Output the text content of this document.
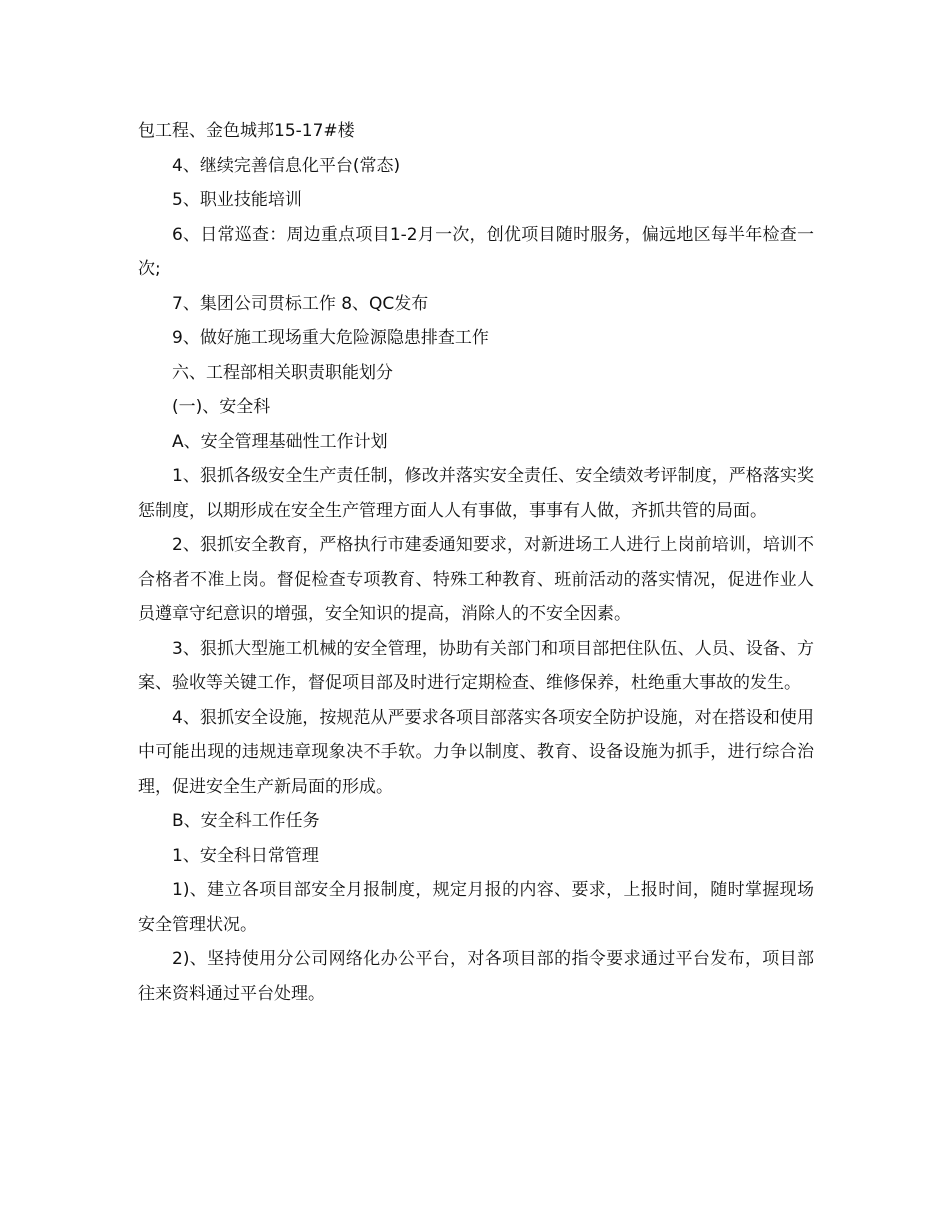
包工程、金色城邦15-17#楼

4、继续完善信息化平台(常态)

5、职业技能培训

6、日常巡查：周边重点项目1-2月一次，创优项目随时服务，偏远地区每半年检查一次;

7、集团公司贯标工作 8、QC发布

9、做好施工现场重大危险源隐患排查工作

六、工程部相关职责职能划分

(一)、安全科

A、安全管理基础性工作计划

1、狠抓各级安全生产责任制，修改并落实安全责任、安全绩效考评制度，严格落实奖惩制度，以期形成在安全生产管理方面人人有事做，事事有人做，齐抓共管的局面。

2、狠抓安全教育，严格执行市建委通知要求，对新进场工人进行上岗前培训，培训不合格者不准上岗。督促检查专项教育、特殊工种教育、班前活动的落实情况，促进作业人员遵章守纪意识的增强，安全知识的提高，消除人的不安全因素。

3、狠抓大型施工机械的安全管理，协助有关部门和项目部把住队伍、人员、设备、方案、验收等关键工作，督促项目部及时进行定期检查、维修保养，杜绝重大事故的发生。

4、狠抓安全设施，按规范从严要求各项目部落实各项安全防护设施，对在搭设和使用中可能出现的违规违章现象决不手软。力争以制度、教育、设备设施为抓手，进行综合治理，促进安全生产新局面的形成。

B、安全科工作任务

1、安全科日常管理

1)、建立各项目部安全月报制度，规定月报的内容、要求，上报时间，随时掌握现场安全管理状况。

2)、坚持使用分公司网络化办公平台，对各项目部的指令要求通过平台发布，项目部往来资料通过平台处理。
